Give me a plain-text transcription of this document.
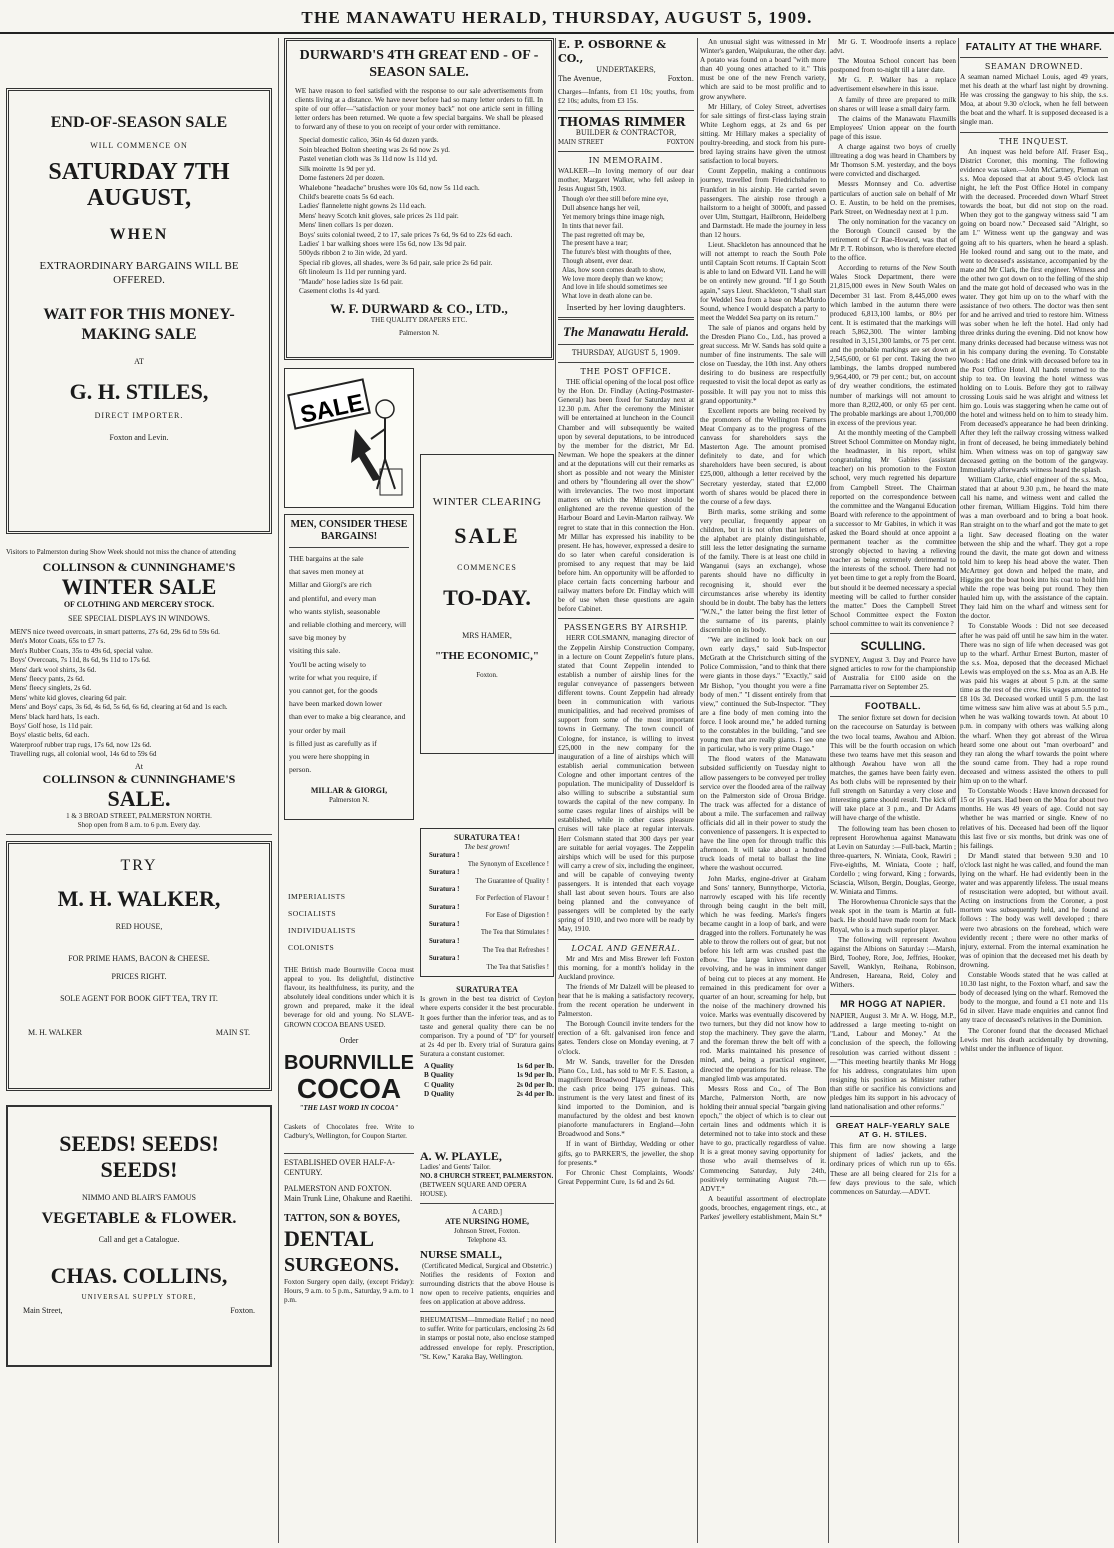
THE MANAWATU HERALD, THURSDAY, AUGUST 5, 1909.
END-OF-SEASON SALE
WILL COMMENCE ON
SATURDAY 7TH AUGUST,
WHEN
EXTRAORDINARY BARGAINS WILL BE OFFERED.
WAIT FOR THIS MONEY-MAKING SALE
AT
G. H. STILES,
DIRECT IMPORTER.
Foxton and Levin.
Visitors to Palmerston during Show Week should not miss the chance of attending
COLLINSON & CUNNINGHAME'S
WINTER SALE
OF CLOTHING AND MERCERY STOCK.
SEE SPECIAL DISPLAYS IN WINDOWS.
MEN'S nice tweed overcoats, in smart patterns, 27s 6d, 29s 6d to 59s 6d.
Men's Motor Coats, 65s to £7 7s.
Men's Rubber Coats, 35s to 49s 6d, special value.
Boys' Overcoats, 7s 11d, 8s 6d, 9s 11d to 17s 6d.
Mens' dark wool shirts, 3s 6d.
Mens' fleecy pants, 2s 6d.
Mens' fleecy singlets, 2s 6d.
Mens' white kid gloves, clearing 6d pair.
Mens' and Boys' caps, 3s 6d, 4s 6d, 5s 6d, 6s 6d, clearing at 6d and 1s each.
Mens' black hard hats, 1s each.
Boys' Golf hose, 1s 11d pair.
Boys' elastic belts, 6d each.
Waterproof rubber trap rugs, 17s 6d, now 12s 6d.
Travelling rugs, all colonial wool, 14s 6d to 59s 6d
At
COLLINSON & CUNNINGHAME'S
SALE.
1 & 3 BROAD STREET, PALMERSTON NORTH.
Shop open from 8 a.m. to 6 p.m. Every day.
TRY
M. H. WALKER,
RED HOUSE,
FOR PRIME HAMS, BACON & CHEESE.
PRICES RIGHT.
SOLE AGENT FOR BOOK GIFT TEA, TRY IT.
M. H. WALKER	MAIN ST.
SEEDS! SEEDS!
SEEDS!
NIMMO AND BLAIR'S FAMOUS
VEGETABLE & FLOWER.
Call and get a Catalogue.
CHAS. COLLINS,
UNIVERSAL SUPPLY STORE,
Main Street,	Foxton.
DURWARD'S 4TH GREAT END - OF - SEASON SALE.
WE have reason to feel satisfied with the response to our sale advertisements from clients living at a distance. We have never before had so many letter orders to fill. In spite of our offer—"satisfaction or your money back" not one article sent in filling letter orders has been returned. We quote a few special bargains. We shall be pleased to forward any of these to you on receipt of your order with remittance.
Special domestic calico, 36in 4s 6d dozen yards.
Soin bleached Bolton sheeting was 2s 6d now 2s yd.
Pastel venetian cloth was 3s 11d now 1s 11d yd.
Silk moirette 1s 9d per yd.
Dome fasteners 2d per dozen.
Whalebone "headache" brushes were 10s 6d, now 5s 11d each.
Child's bearette coats 5s 6d each.
Ladies' flannelette night gowns 2s 11d each.
Mens' heavy Scotch knit gloves, sale prices 2s 11d pair.
Mens' linen collars 1s per dozen.
Boys' suits colonial tweed, 2 to 17, sale prices 7s 6d, 9s 6d to 22s 6d each.
Ladies' 1 bar walking shoes were 15s 6d, now 13s 9d pair.
500yds ribbon 2 to 3in wide, 2d yard.
Special rib gloves, all shades, were 3s 6d pair, sale price 2s 6d pair.
6ft linoleum 1s 11d per running yard.
"Maude" hose ladies size 1s 6d pair.
Casement cloths 1s 4d yard.
W. F. DURWARD & CO., LTD.,
THE QUALITY DRAPERS ETC.
Palmerston N.
SALE
MEN, CONSIDER THESE BARGAINS!
THE bargains at the sale
that saves men money at
Millar and Giorgi's are rich
and plentiful, and every man
who wants stylish, seasonable
and reliable clothing and mercery, will save big money by
visiting this sale.
You'll be acting wisely to
write for what you require, if
you cannot get, for the goods
have been marked down lower
than ever to make a big clearance, and your order by mail
is filled just as carefully as if
you were here shopping in
person.
MILLAR & GIORGI,
Palmerston N.
WINTER CLEARING
SALE
COMMENCES
TO-DAY.
MRS HAMER,
"THE ECONOMIC,"
Foxton.
IMPERIALISTS
SOCIALISTS
INDIVIDUALISTS
COLONISTS
THE British made Bournville Cocoa must appeal to you. Its delightful, distinctive flavour, its healthfulness, its purity, and the absolutely ideal conditions under which it is grown and prepared, make it the ideal beverage for old and young. No SLAVE-GROWN COCOA BEANS USED.
Order
BOURNVILLE
COCOA
"THE LAST WORD IN COCOA"
Caskets of Chocolates free. Write to Cadbury's, Wellington, for Coupon Starter.
SURATURA TEA !
The best grown!
Suratura !
The Synonym of Excellence !
Suratura !
The Guarantee of Quality !
Suratura !
For Perfection of Flavour !
Suratura !
For Ease of Digestion !
Suratura !
The Tea that Stimulates !
Suratura !
The Tea that Refreshes !
Suratura !
The Tea that Satisfies !
SURATURA TEA
Is grown in the best tea district of Ceylon where experts consider it the best procurable. It goes further than the inferior teas, and as to taste and general quality there can be no comparison. Try a pound of "D" for yourself at 2s 4d per lb. Every trial of Suratura gains Suratura a constant customer.
A Quality	1s 6d per lb.
B Quality	1s 9d per lb.
C Quality	2s 0d per lb.
D Quality	2s 4d per lb.
ESTABLISHED OVER HALF-A-CENTURY.
PALMERSTON AND FOXTON.
Main Trunk Line, Ohakune and Raetihi.
TATTON, SON & BOYES,
DENTAL
SURGEONS.
Foxton Surgery open daily, (except Friday): Hours, 9 a.m. to 5 p.m., Saturday, 9 a.m. to 1 p.m.
A. W. PLAYLE,
Ladies' and Gents' Tailor.
NO. 8 CHURCH STREET, PALMERSTON.
(BETWEEN SQUARE AND OPERA HOUSE).
A CARD.]
ATE NURSING HOME,
Johnson Street, Foxton.
Telephone 43.
NURSE SMALL,
(Certificated Medical, Surgical and Obstetric.)
Notifies the residents of Foxton and surrounding districts that the above House is now open to receive patients, enquiries and fees on application at above address.
RHEUMATISM—Immediate Relief ; no need to suffer. Write for particulars, enclosing 2s 6d in stamps or postal note, also enclose stamped addressed envelope for reply. Prescription, "St. Kew," Karaka Bay, Wellington.
E. P. OSBORNE & CO.,
UNDERTAKERS,
The Avenue,	Foxton.
Charges—Infants, from £1 10s; youths, from £2 10s; adults, from £3 15s.
THOMAS RIMMER
BUILDER & CONTRACTOR,
MAIN STREET	FOXTON
IN MEMORAIM.
WALKER—In loving memory of our dear mother, Margaret Walker, who fell asleep in Jesus August 5th, 1903.
Though o'er thee still before mine eye,
Dull absence hangs her veil,
Yet memory brings thine image nigh,
In tints that never fail.
The past regretted oft may be,
The present have a tear;
The future's blest with thoughts of thee,
Though absent, ever dear.
Alas, how soon comes death to show,
We love more deeply than we know;
And love in life should sometimes see
What love in death alone can be.
Inserted by her loving daughters.
The Manawatu Herald.
THURSDAY, AUGUST 5, 1909.
THE POST OFFICE.

THE official opening of the local post office by the Hon. Dr. Findlay (Acting-Postmaster-General) has been fixed for Saturday next at 12.30 p.m. After the ceremony the Minister will be entertained at luncheon in the Council Chamber and will subsequently be waited upon by several deputations, to be introduced by the member for the district, Mr Ed. Newman. We hope the speakers at the dinner and at the deputations will cut their remarks as short as possible and not weary the Minister and others by "floundering all over the show" with irrelevancies. The two most important matters on which the Minister should be enlightened are the revenue question of the Harbour Board and Levin-Marton railway. We regret to state that in this connection the Hon. Mr Millar has expressed his inability to be present. He has, however, expressed a desire to do so later when careful consideration is promised to any request that may be laid before him. An opportunity will be afforded to place certain facts concerning harbour and railway matters before Dr. Findlay which will be of use when these questions are again before Cabinet.

PASSENGERS BY AIRSHIP.

HERR COLSMANN, managing director of the Zeppelin Airship Construction Company, in a lecture on Count Zeppelin's future plans, stated that Count Zeppelin intended to establish a number of airship lines for the regular conveyance of passengers between different towns. Count Zeppelin had already been in communication with various municipalities, and had received promises of support from some of the most important towns in Germany. The town council of Cologne, for instance, is willing to invest £25,000 in the new company for the inauguration of a line of airships which will establish aerial communication between Cologne and other important centres of the population. The municipality of Dusseldorf is also willing to subscribe a substantial sum towards the capital of the new company. In some cases regular lines of airships will be established, while in other cases pleasure cruises will take place at regular intervals. Herr Colsmann stated that 300 days per year are suitable for aerial voyages. The Zeppelin airships which will be used for this purpose will carry a crew of six, including the engineer, and will be capable of conveying twenty passengers. It is intended that each voyage shall last about seven hours. Tours are also being planned and the conveyance of passengers will be completed by the early spring of 1910, and two more will be ready by May, 1910.

LOCAL AND GENERAL.

Mr and Mrs and Miss Brewer left Foxton this morning, for a month's holiday in the Auckland province.

The friends of Mr Dalzell will be pleased to hear that he is making a satisfactory recovery, from the recent operation he underwent in Palmerston.

The Borough Council invite tenders for the erection of a 6ft. galvanised iron fence and gates. Tenders close on Monday evening, at 7 o'clock.

Mr W. Sands, traveller for the Dresden Piano Co., Ltd., has sold to Mr F. S. Easton, a magnificent Broadwood Player in fumed oak, the cash price being 175 guineas. This instrument is the very latest and finest of its kind imported to the Dominion, and is manufactured by the oldest and best known pianoforte manufacturers in England—John Broadwood and Sons.*

If in want of Birthday, Wedding or other gifts, go to PARKER'S, the jeweller, the shop for presents.*

For Chronic Chest Complaints, Woods' Great Peppermint Cure, 1s 6d and 2s 6d.

An unusual sight was witnessed in Mr Winter's garden, Waipukurau, the other day. A potato was found on a board "with more than 40 young ones attached to it." This must be one of the new French variety, which are said to be most prolific and to grow anywhere.

Mr Hillary, of Coley Street, advertises for sale sittings of first-class laying strain White Leghorn eggs, at 2s and 6s per sitting. Mr Hillary makes a speciality of poultry-breeding, and stock from his pure-bred laying strains have given the utmost satisfaction to local buyers.

Count Zeppelin, making a continuous journey, travelled from Friedrichshafen to Frankfort in his airship. He carried seven passengers. The airship rose through a hailstorm to a height of 3000ft, and passed over Ulm, Stuttgart, Hailbronn, Heidelberg and Darmstadt. He made the journey in less than 12 hours.

Lieut. Shackleton has announced that he will not attempt to reach the South Pole until Captain Scott returns. If Captain Scott is able to land on Edward VII. Land he will be on entirely new ground. "If I go South again," says Lieut. Shackleton, "I shall start for Weddel Sea from a base on MacMurdo Sound, whence I would despatch a party to meet the Weddel Sea party on its return."

The sale of pianos and organs held by the Dresden Piano Co., Ltd., has proved a great success. Mr W. Sands has sold quite a number of fine instruments. The sale will close on Tuesday, the 10th inst. Any others desiring to do business are respectfully requested to visit the local depot as early as possible. It will pay you not to miss this grand opportunity.*

Excellent reports are being received by the promoters of the Wellington Farmers Meat Company as to the progress of the canvass for shareholders says the Masterton Age. The amount promised definitely to date, and for which shareholders have been secured, is about £25,000, although a letter received by the Secretary yesterday, stated that £2,000 worth of shares would be placed there in the course of a few days.

Birth marks, some striking and some very peculiar, frequently appear on children, but it is not often that letters of the alphabet are plainly distinguishable, still less the letter designating the surname of the family. There is at least one child in Wanganui (says an exchange), whose parents should have no difficulty in recognising it, should ever the circumstances arise whereby its identity should be in doubt. The baby has the letters "W.N.," the latter being the first letter of the surname of its parents, plainly discernible on its body.

"We are inclined to look back on our own early days," said Sub-Inspector McGrath at the Christchurch sitting of the Police Commission, "and to think that there were giants in those days." "Exactly," said Mr Bishop, "you thought you were a fine body of men." "I dissent entirely from that view," continued the Sub-Inspector. "They are a fine body of men coming into the force. I look around me," he added turning to the constables in the building, "and see young men that are really giants. I see one in particular, who is very prime Otago."

The flood waters of the Manawatu subsided sufficiently on Tuesday night to allow passengers to be conveyed per trolley service over the flooded area of the railway on the Palmerston side of Oroua Bridge. The track was affected for a distance of about a mile. The surfacemen and railway officials did all in their power to study the convenience of passengers. It is expected to have the line open for through traffic this afternoon. It will take about a hundred truck loads of metal to ballast the line where the washout occurred.

John Marks, engine-driver at Graham and Sons' tannery, Bunnythorpe, Victoria, narrowly escaped with his life recently through being caught in the belt mill, which he was feeding. Marks's fingers became caught in a loop of bark, and were dragged into the rollers. Fortunately he was able to throw the rollers out of gear, but not before his left arm was crushed past the elbow. The large knives were still revolving, and he was in imminent danger of being cut to pieces at any moment. He remained in this predicament for over a quarter of an hour, screaming for help, but the noise of the machinery drowned his voice. Marks was eventually discovered by two turners, but they did not know how to stop the machinery. They gave the alarm, and the foreman threw the belt off with a rod. Marks maintained his presence of mind, and, being a practical engineer, directed the operations for his release. The mangled limb was amputated.

Messrs Ross and Co., of The Bon Marche, Palmerston North, are now holding their annual special "bargain giving epoch," the object of which is to clear out certain lines and oddments which it is determined not to take into stock and these have to go, practically regardless of value. It is a great money saving opportunity for those who avail themselves of it. Commencing Saturday, July 24th, positively terminating August 7th.—ADVT.*

A beautiful assortment of electroplate goods, brooches, engagement rings, etc., at Parkes' jewellery establishment, Main St.*

Mr G. T. Woodroofe inserts a replace advt.

The Moutoa School concert has been postponed from to-night till a later date.

Mr G. P. Walker has a replace advertisement elsewhere in this issue.

A family of three are prepared to milk on shares or will lease a small dairy farm.

The claims of the Manawatu Flaxmills Employees' Union appear on the fourth page of this issue.

A charge against two boys of cruelly illtreating a dog was heard in Chambers by Mr Thomson S.M. yesterday, and the boys were convicted and discharged.

Messrs Monnsey and Co. advertise particulars of auction sale on behalf of Mr O. E. Austin, to be held on the premises, Park Street, on Wednesday next at 1 p.m.

The only nomination for the vacancy on the Borough Council caused by the retirement of Cr Rae-Howard, was that of Mr P. T. Robinson, who is therefore elected to the office.

According to returns of the New South Wales Stock Department, there were 21,815,000 ewes in New South Wales on December 31 last. From 8,445,000 ewes which lambed in the autumn there were produced 6,813,100 lambs, or 80½ per cent. It is estimated that the markings will reach 5,862,300. The winter lambing resulted in 3,151,300 lambs, or 75 per cent. and the probable markings are set down at 2,545,600, or 61 per cent. Taking the two lambings, the lambs dropped numbered 9,964,400, or 79 per cent.; but, on account of dry weather conditions, the estimated number of markings will not amount to more than 8,202,400, or only 65 per cent. The probable markings are about 1,700,000 in excess of the previous year.

At the monthly meeting of the Campbell Street School Committee on Monday night, the headmaster, in his report, whilst congratulating Mr Gabites (assistant teacher) on his promotion to the Foxton school, very much regretted his departure from Campbell Street. The Chairman reported on the correspondence between the committee and the Wanganui Education Board with reference to the appointment of a successor to Mr Gabites, in which it was asked the Board should at once appoint a permanent teacher as the committee strongly objected to having a relieving teacher as being extremely detrimental to the interests of the school. There had not yet been time to get a reply from the Board, but should it be deemed necessary a special meeting will be called to further consider the matter." Does the Campbell Street School Committee expect the Foxton school committee to wait its convenience ?

SCULLING.
SYDNEY, August 3. Day and Pearce have signed articles to row for the championship of Australia for £100 aside on the Parramatta river on September 25.
FOOTBALL.

The senior fixture set down for decision on the racecourse on Saturday is between the two local teams, Awahou and Albion. This will be the fourth occasion on which these two teams have met this season and although Awahou have won all the matches, the games have been fairly even. As both clubs will be represented by their full strength on Saturday a very close and interesting game should result. The kick off will take place at 3 p.m., and Dr Adams will have charge of the whistle.

The following team has been chosen to represent Horowhenua against Manawatu at Levin on Saturday :—Full-back, Martin ; three-quarters, N. Winiata, Cook, Rawiri ; Five-eighths, M. Winiata, Coote ; half, Cordello ; wing forward, King ; forwards, Sciascia, Wilson, Bergin, Douglas, George, W. Winiata and Timms.

The Horowhenua Chronicle says that the weak spot in the team is Martin at full-back. He should have made room for Mack Royal, who is a much superior player.

The following will represent Awahou against the Albions on Saturday :—Marsh, Bird, Toohey, Rore, Joe, Jeffries, Hooker, Savell, Wanklyn, Reihana, Robinson, Andresen, Hareana, Reid, Coley and Withers.

MR HOGG AT NAPIER.
NAPIER, August 3. Mr A. W. Hogg, M.P., addressed a large meeting to-night on "Land, Labour and Money." At the conclusion of the speech, the following resolution was carried without dissent :—"This meeting heartily thanks Mr Hogg for his address, congratulates him upon resigning his position as Minister rather than stifle or sacrifice his convictions and pledges him its support in his advocacy of land nationalisation and other reforms."
GREAT HALF-YEARLY SALE AT G. H. STILES.
This firm are now showing a large shipment of ladies' jackets, and the ordinary prices of which run up to 65s. These are all being cleared for 21s for a few days previous to the sale, which commences on Saturday.—ADVT.
FATALITY AT THE WHARF.
SEAMAN DROWNED.
A seaman named Michael Louis, aged 49 years, met his death at the wharf last night by drowning. He was crossing the gangway to his ship, the s.s. Moa, at about 9.30 o'clock, when he fell between the boat and the wharf. It is supposed deceased is a single man.
THE INQUEST.

An inquest was held before Alf. Fraser Esq., District Coroner, this morning. The following evidence was taken.—John McCartney, Pieman on s.s. Moa deposed that at about 9.45 o'clock last night, he left the Post Office Hotel in company with the deceased. Proceeded down Wharf Street towards the boat, but did not stop on the road. When they got to the gangway witness said "I am going on board now." Deceased said "Alright, so am I." Witness went up the gangway and was going aft to his quarters, when he heard a splash. He looked round and sang out to the mate, and went to deceased's assistance, accompanied by the mate and Mr Clark, the first engineer. Witness and the other two got down on to the felling of the ship and the mate got hold of deceased who was in the water. They got him up on to the wharf with the assistance of two others. The doctor was then sent for and he arrived and tried to restore him. Witness was sober when he left the hotel. Had only had three drinks during the evening. Did not know how many drinks deceased had because witness was not in his company during the evening. To Constable Woods : Had one drink with deceased before tea in the Post Office Hotel. All hands returned to the ship to tea. On leaving the hotel witness was holding on to Louis. Before they got to railway crossing Louis said he was alright and witness let him go. Louis was staggering when he came out of the hotel and witness held on to him to steady him. From deceased's appearance he had been drinking. After they left the railway crossing witness walked in front of deceased, he being immediately behind him. When witness was on top of gangway saw deceased getting on the bottom of the gangway. Immediately afterwards witness heard the splash.

William Clarke, chief engineer of the s.s. Moa, stated that at about 9.30 p.m., he heard the mate call his name, and witness went and called the other fireman, William Higgins. Told him there was a man overboard and to bring a boat hook. Ran straight on to the wharf and got the mate to get a light. Saw deceased floating on the water between the ship and the wharf. They got a rope round the davit, the mate got down and witness told him to keep his head above the water. Then McArtney got down and helped the mate, and Higgins got the boat hook into his coat to hold him while the rope was being put round. They then hauled him up, with the assistance of the captain. They laid him on the wharf and witness sent for the doctor.

To Constable Woods : Did not see deceased after he was paid off until he saw him in the water. There was no sign of life when deceased was got up to the wharf. Arthur Ernest Burton, master of the s.s. Moa, deposed that the deceased Michael Lewis was employed on the s.s. Moa as an A.B. He was paid his wages at about 5 p.m. at the same time as the rest of the crew. His wages amounted to £8 10s 3d. Deceased worked until 5 p.m. the last time witness saw him alive was at about 5.5 p.m., when he was walking towards town. At about 10 p.m. in company with others was walking along the wharf. When they got abreast of the Wirua heard some one about out "man overboard" and they ran along the wharf towards the point where the sound came from. They had a rope round deceased and witness assisted the others to pull him up on to the wharf.

To Constable Woods : Have known deceased for 15 or 16 years. Had been on the Moa for about two months. He was 49 years of age. Could not say whether he was married or single. Knew of no relatives of his. Deceased had been off the liquor this last five or six months, but drink was one of his failings.

Dr Mandl stated that between 9.30 and 10 o'clock last night he was called, and found the man lying on the wharf. He had evidently been in the water and was apparently lifeless. The usual means of resuscitation were adopted, but without avail. Acting on instructions from the Coroner, a post mortem was subsequently held, and he found as follows : The body was well developed ; there were two abrasions on the forehead, which were evidently recent ; there were no other marks of injury, external. From the internal examination he was of opinion that the deceased met his death by drowning.

Constable Woods stated that he was called at 10.30 last night, to the Foxton wharf, and saw the body of deceased lying on the wharf. Removed the body to the morgue, and found a £1 note and 11s 6d in silver. Have made enquiries and cannot find any trace of deceased's relatives in the Dominion.

The Coroner found that the deceased Michael Lewis met his death accidentally by drowning, whilst under the influence of liquor.
